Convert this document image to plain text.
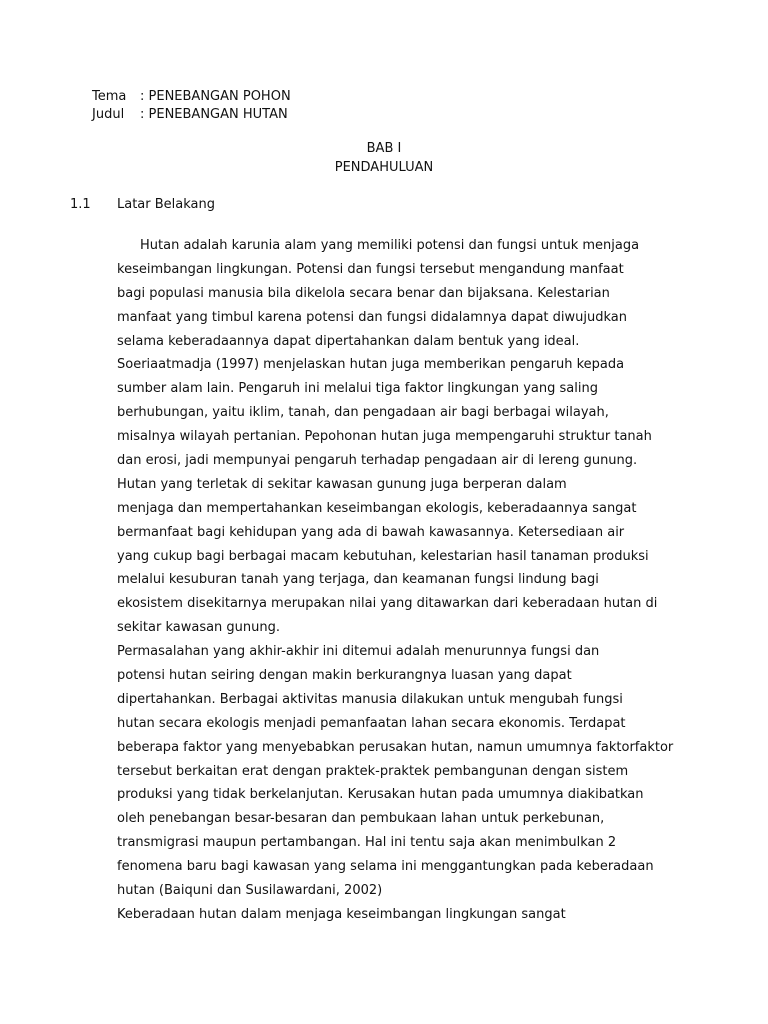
Tema	: PENEBANGAN POHON
Judul	: PENEBANGAN HUTAN
BAB I
PENDAHULUAN
1.1	Latar Belakang
Hutan adalah karunia alam yang memiliki potensi dan fungsi untuk menjaga
keseimbangan lingkungan. Potensi dan fungsi tersebut mengandung manfaat
bagi populasi manusia bila dikelola secara benar dan bijaksana. Kelestarian
manfaat yang timbul karena potensi dan fungsi didalamnya dapat diwujudkan
selama keberadaannya dapat dipertahankan dalam bentuk yang ideal.
Soeriaatmadja (1997) menjelaskan hutan juga memberikan pengaruh kepada
sumber alam lain. Pengaruh ini melalui tiga faktor lingkungan yang saling
berhubungan, yaitu iklim, tanah, dan pengadaan air bagi berbagai wilayah,
misalnya wilayah pertanian. Pepohonan hutan juga mempengaruhi struktur tanah
dan erosi, jadi mempunyai pengaruh terhadap pengadaan air di lereng gunung.
Hutan yang terletak di sekitar kawasan gunung juga berperan dalam
menjaga dan mempertahankan keseimbangan ekologis, keberadaannya sangat
bermanfaat bagi kehidupan yang ada di bawah kawasannya. Ketersediaan air
yang cukup bagi berbagai macam kebutuhan, kelestarian hasil tanaman produksi
melalui kesuburan tanah yang terjaga, dan keamanan fungsi lindung bagi
ekosistem disekitarnya merupakan nilai yang ditawarkan dari keberadaan hutan di
sekitar kawasan gunung.
Permasalahan yang akhir-akhir ini ditemui adalah menurunnya fungsi dan
potensi hutan seiring dengan makin berkurangnya luasan yang dapat
dipertahankan. Berbagai aktivitas manusia dilakukan untuk mengubah fungsi
hutan secara ekologis menjadi pemanfaatan lahan secara ekonomis. Terdapat
beberapa faktor yang menyebabkan perusakan hutan, namun umumnya faktorfaktor
tersebut berkaitan erat dengan praktek-praktek pembangunan dengan sistem
produksi yang tidak berkelanjutan. Kerusakan hutan pada umumnya diakibatkan
oleh penebangan besar-besaran dan pembukaan lahan untuk perkebunan,
transmigrasi maupun pertambangan. Hal ini tentu saja akan menimbulkan 2
fenomena baru bagi kawasan yang selama ini menggantungkan pada keberadaan
hutan (Baiquni dan Susilawardani, 2002)
Keberadaan hutan dalam menjaga keseimbangan lingkungan sangat
